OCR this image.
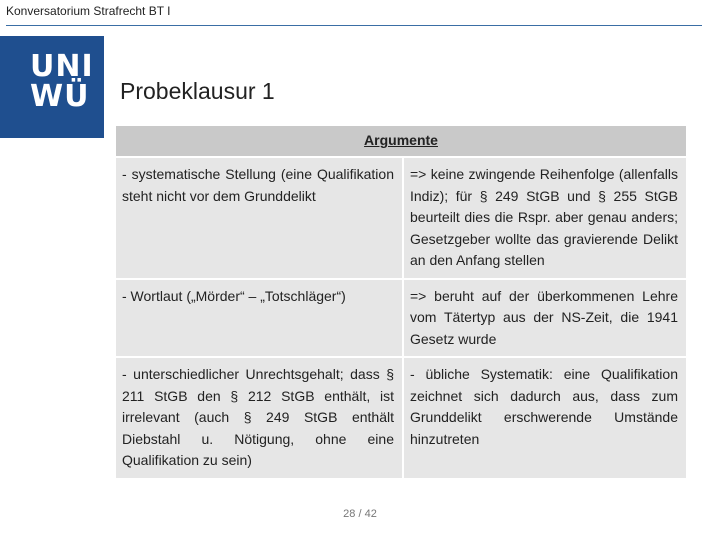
Konversatorium Strafrecht BT I
UNI
WÜ Probeklausur 1
Argumente	
- systematische Stellung (eine Qualifikation steht nicht vor dem Grunddelikt	=> keine zwingende Reihenfolge (allenfalls Indiz); für § 249 StGB und § 255 StGB beurteilt dies die Rspr. aber genau anders; Gesetzgeber wollte das gravierende Delikt an den Anfang stellen
- Wortlaut („Mörder“ – „Totschläger“)	=> beruht auf der überkommenen Lehre vom Tätertyp aus der NS-Zeit, die 1941 Gesetz wurde
- unterschiedlicher Unrechtsgehalt; dass § 211 StGB den § 212 StGB enthält, ist irrelevant (auch § 249 StGB enthält Diebstahl u. Nötigung, ohne eine Qualifikation zu sein)	- übliche Systematik: eine Qualifikation zeichnet sich dadurch aus, dass zum Grunddelikt erschwerende Umstände hinzutreten
28 / 42
